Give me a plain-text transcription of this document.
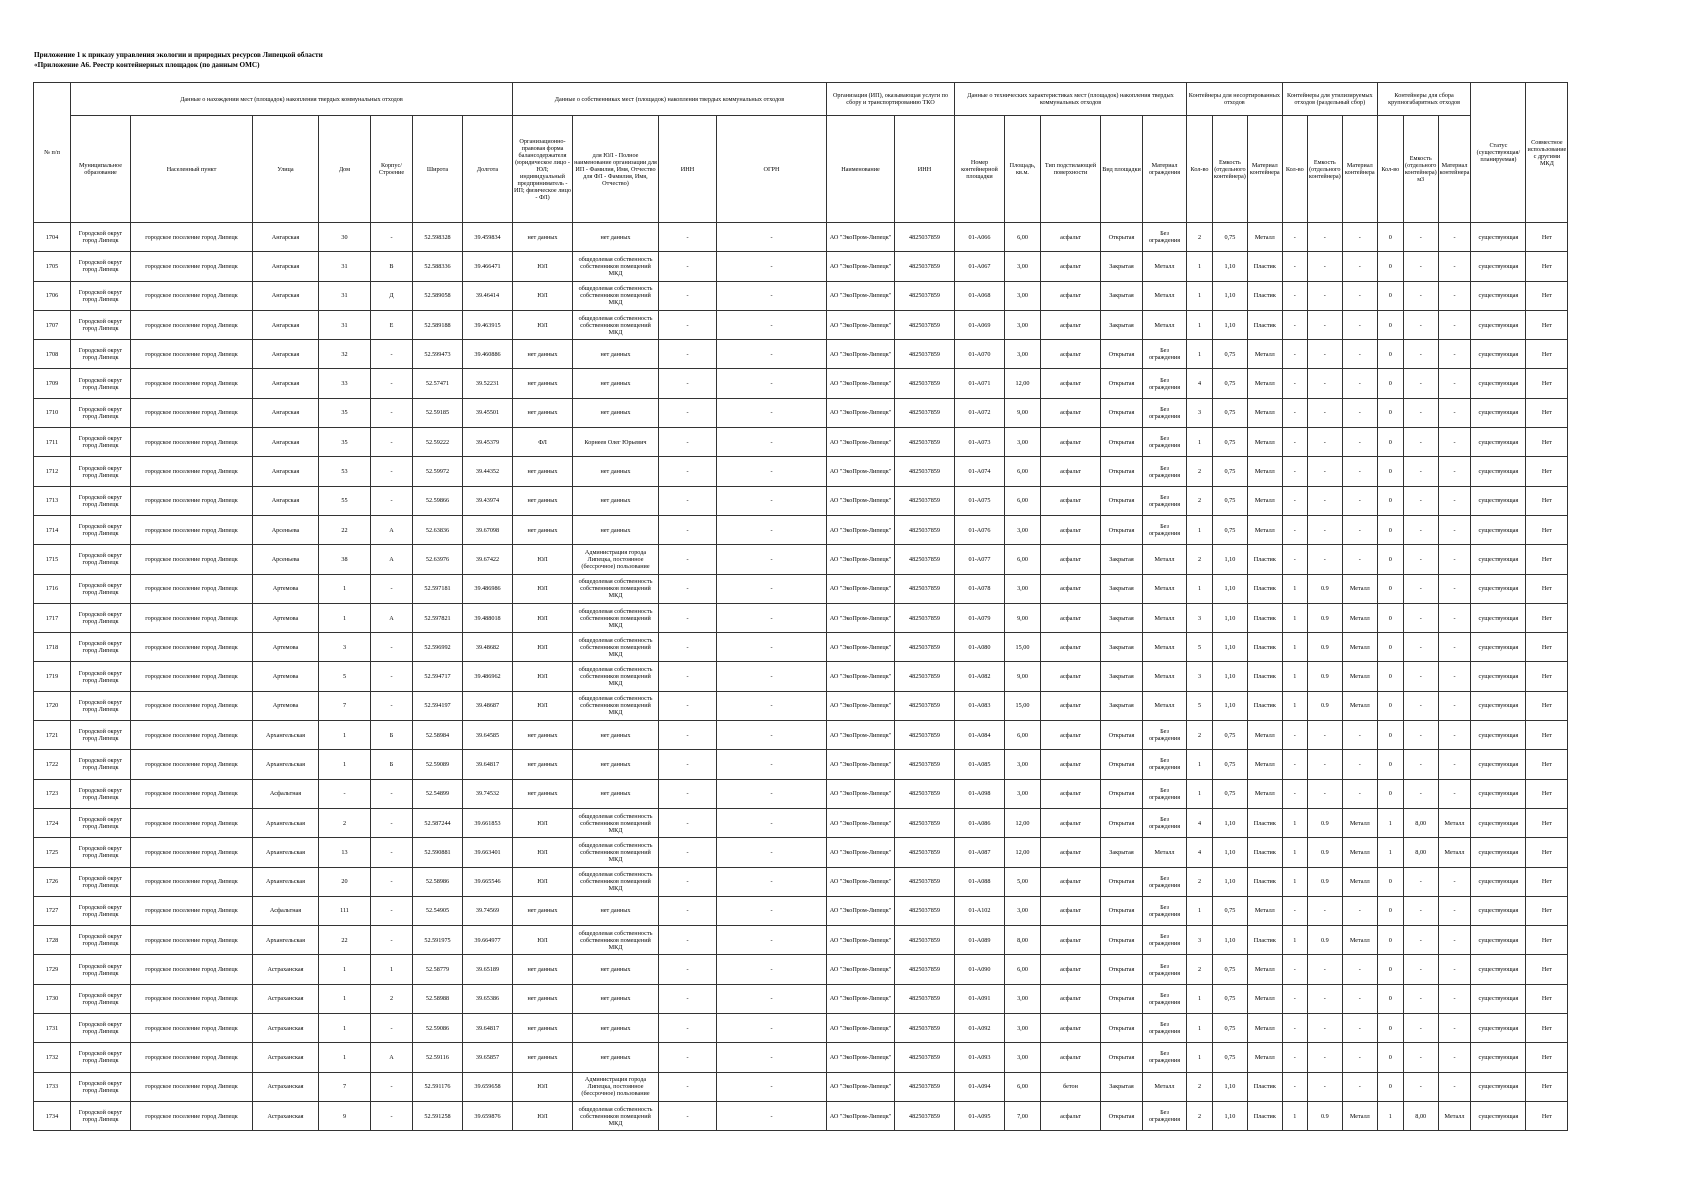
Приложение 1 к приказу управления экологии и природных ресурсов Липецкой области
«Приложение А6. Реестр контейнерных площадок (по данным ОМС)
№ п/п	Данные о нахождении мест (площадок) накопления твердых коммунальных отходов							Данные о собственниках мест (площадок) накопления твердых коммунальных отходов				Организация (ИП), оказывающая услуги по сбору и транспортированию ТКО		Данные о технических характеристиках мест (площадок) накопления твердых коммунальных отходов					Контейнеры для несортированных отходов			Контейнеры для утилизируемых отходов (раздельный сбор)			Контейнеры для сбора крупногабаритных отходов			Статус (существующая/планируемая)	Совместное использование с другими МКД
	Муниципальное образование	Населенный пункт	Улица	Дом	Корпус/Строение	Широта	Долгота	Организационно-правовая форма балансодержателя (юридическое лицо - ЮЛ; индивидуальный предприниматель - ИП; физическое лицо - ФЛ)	для ЮЛ - Полное наименование организации для ИП - Фамилия, Имя, Отчество для ФЛ - Фамилия, Имя, Отчество)	ИНН	ОГРН	Наименование	ИНН	Номер контейнерной площадки	Площадь, кв.м.	Тип подстилающей поверхности	Вид площадки	Материал ограждения	Кол-во	Емкость (отдельного контейнера)	Материал контейнера	Кол-во	Емкость (отдельного контейнера)	Материал контейнера	Кол-во	Емкость (отдельного контейнера) м3	Материал контейнера		

1704	Городской округ город Липецк	городское поселение город Липецк	Ангарская	30	-	52.598328	39.459834	нет данных	нет данных	-	-	АО "ЭкоПром-Липецк"	4825037859	01-А066	6,00	асфальт	Открытая	Без ограждения	2	0,75	Металл	-	-	-	0	-	-	существующая	Нет

1705	Городской округ город Липецк	городское поселение город Липецк	Ангарская	31	В	52.588336	39.466471	ЮЛ	общедолевая собственность собственников помещений МКД	-	-	АО "ЭкоПром-Липецк"	4825037859	01-А067	3,00	асфальт	Закрытая	Металл	1	1,10	Пластик	-	-	-	0	-	-	существующая	Нет

1706	Городской округ город Липецк	городское поселение город Липецк	Ангарская	31	Д	52.589058	39.46414	ЮЛ	общедолевая собственность собственников помещений МКД	-	-	АО "ЭкоПром-Липецк"	4825037859	01-А068	3,00	асфальт	Закрытая	Металл	1	1,10	Пластик	-	-	-	0	-	-	существующая	Нет

1707	Городской округ город Липецк	городское поселение город Липецк	Ангарская	31	Е	52.589188	39.463915	ЮЛ	общедолевая собственность собственников помещений МКД	-	-	АО "ЭкоПром-Липецк"	4825037859	01-А069	3,00	асфальт	Закрытая	Металл	1	1,10	Пластик	-	-	-	0	-	-	существующая	Нет

1708	Городской округ город Липецк	городское поселение город Липецк	Ангарская	32	-	52.599473	39.460886	нет данных	нет данных	-	-	АО "ЭкоПром-Липецк"	4825037859	01-А070	3,00	асфальт	Открытая	Без ограждения	1	0,75	Металл	-	-	-	0	-	-	существующая	Нет

1709	Городской округ город Липецк	городское поселение город Липецк	Ангарская	33	-	52.57471	39.52231	нет данных	нет данных	-	-	АО "ЭкоПром-Липецк"	4825037859	01-А071	12,00	асфальт	Открытая	Без ограждения	4	0,75	Металл	-	-	-	0	-	-	существующая	Нет

1710	Городской округ город Липецк	городское поселение город Липецк	Ангарская	35	-	52.59185	39.45501	нет данных	нет данных	-	-	АО "ЭкоПром-Липецк"	4825037859	01-А072	9,00	асфальт	Открытая	Без ограждения	3	0,75	Металл	-	-	-	0	-	-	существующая	Нет

1711	Городской округ город Липецк	городское поселение город Липецк	Ангарская	35	-	52.59222	39.45379	ФЛ	Корнеев Олег Юрьевич	-	-	АО "ЭкоПром-Липецк"	4825037859	01-А073	3,00	асфальт	Открытая	Без ограждения	1	0,75	Металл	-	-	-	0	-	-	существующая	Нет

1712	Городской округ город Липецк	городское поселение город Липецк	Ангарская	53	-	52.59972	39.44352	нет данных	нет данных	-	-	АО "ЭкоПром-Липецк"	4825037859	01-А074	6,00	асфальт	Открытая	Без ограждения	2	0,75	Металл	-	-	-	0	-	-	существующая	Нет

1713	Городской округ город Липецк	городское поселение город Липецк	Ангарская	55	-	52.59866	39.43974	нет данных	нет данных	-	-	АО "ЭкоПром-Липецк"	4825037859	01-А075	6,00	асфальт	Открытая	Без ограждения	2	0,75	Металл	-	-	-	0	-	-	существующая	Нет

1714	Городской округ город Липецк	городское поселение город Липецк	Арсеньева	22	А	52.63836	39.67098	нет данных	нет данных	-	-	АО "ЭкоПром-Липецк"	4825037859	01-А076	3,00	асфальт	Открытая	Без ограждения	1	0,75	Металл	-	-	-	0	-	-	существующая	Нет

1715	Городской округ город Липецк	городское поселение город Липецк	Арсеньева	38	А	52.63976	39.67422	ЮЛ	Администрация города Липецка, постоянное (бессрочное) пользование	-	-	АО "ЭкоПром-Липецк"	4825037859	01-А077	6,00	асфальт	Закрытая	Металл	2	1,10	Пластик	-	-	-	0	-	-	существующая	Нет

1716	Городской округ город Липецк	городское поселение город Липецк	Артемова	1	-	52.597181	39.486986	ЮЛ	общедолевая собственность собственников помещений МКД	-	-	АО "ЭкоПром-Липецк"	4825037859	01-А078	3,00	асфальт	Закрытая	Металл	1	1,10	Пластик	1	0.9	Металл	0	-	-	существующая	Нет

1717	Городской округ город Липецк	городское поселение город Липецк	Артемова	1	А	52.597821	39.488018	ЮЛ	общедолевая собственность собственников помещений МКД	-	-	АО "ЭкоПром-Липецк"	4825037859	01-А079	9,00	асфальт	Закрытая	Металл	3	1,10	Пластик	1	0.9	Металл	0	-	-	существующая	Нет

1718	Городской округ город Липецк	городское поселение город Липецк	Артемова	3	-	52.596992	39.48682	ЮЛ	общедолевая собственность собственников помещений МКД	-	-	АО "ЭкоПром-Липецк"	4825037859	01-А080	15,00	асфальт	Закрытая	Металл	5	1,10	Пластик	1	0.9	Металл	0	-	-	существующая	Нет

1719	Городской округ город Липецк	городское поселение город Липецк	Артемова	5	-	52.594717	39.486962	ЮЛ	общедолевая собственность собственников помещений МКД	-	-	АО "ЭкоПром-Липецк"	4825037859	01-А082	9,00	асфальт	Закрытая	Металл	3	1,10	Пластик	1	0.9	Металл	0	-	-	существующая	Нет

1720	Городской округ город Липецк	городское поселение город Липецк	Артемова	7	-	52.594197	39.48687	ЮЛ	общедолевая собственность собственников помещений МКД	-	-	АО "ЭкоПром-Липецк"	4825037859	01-А083	15,00	асфальт	Закрытая	Металл	5	1,10	Пластик	1	0.9	Металл	0	-	-	существующая	Нет

1721	Городской округ город Липецк	городское поселение город Липецк	Архангельская	1	Б	52.58984	39.64585	нет данных	нет данных	-	-	АО "ЭкоПром-Липецк"	4825037859	01-А084	6,00	асфальт	Открытая	Без ограждения	2	0,75	Металл	-	-	-	0	-	-	существующая	Нет

1722	Городской округ город Липецк	городское поселение город Липецк	Архангельская	1	Б	52.59089	39.64817	нет данных	нет данных	-	-	АО "ЭкоПром-Липецк"	4825037859	01-А085	3,00	асфальт	Открытая	Без ограждения	1	0,75	Металл	-	-	-	0	-	-	существующая	Нет

1723	Городской округ город Липецк	городское поселение город Липецк	Асфальтная	-	-	52.54899	39.74532	нет данных	нет данных	-	-	АО "ЭкоПром-Липецк"	4825037859	01-А098	3,00	асфальт	Открытая	Без ограждения	1	0,75	Металл	-	-	-	0	-	-	существующая	Нет

1724	Городской округ город Липецк	городское поселение город Липецк	Архангельская	2	-	52.587244	39.661853	ЮЛ	общедолевая собственность собственников помещений МКД	-	-	АО "ЭкоПром-Липецк"	4825037859	01-А086	12,00	асфальт	Открытая	Без ограждения	4	1,10	Пластик	1	0.9	Металл	1	8,00	Металл	существующая	Нет

1725	Городской округ город Липецк	городское поселение город Липецк	Архангельская	13	-	52.590881	39.663401	ЮЛ	общедолевая собственность собственников помещений МКД	-	-	АО "ЭкоПром-Липецк"	4825037859	01-А087	12,00	асфальт	Закрытая	Металл	4	1,10	Пластик	1	0.9	Металл	1	8,00	Металл	существующая	Нет

1726	Городской округ город Липецк	городское поселение город Липецк	Архангельская	20	-	52.58986	39.665546	ЮЛ	общедолевая собственность собственников помещений МКД	-	-	АО "ЭкоПром-Липецк"	4825037859	01-А088	5,00	асфальт	Открытая	Без ограждения	2	1,10	Пластик	1	0.9	Металл	0	-	-	существующая	Нет

1727	Городской округ город Липецк	городское поселение город Липецк	Асфальтная	111	-	52.54905	39.74569	нет данных	нет данных	-	-	АО "ЭкоПром-Липецк"	4825037859	01-А102	3,00	асфальт	Открытая	Без ограждения	1	0,75	Металл	-	-	-	0	-	-	существующая	Нет

1728	Городской округ город Липецк	городское поселение город Липецк	Архангельская	22	-	52.591975	39.664977	ЮЛ	общедолевая собственность собственников помещений МКД	-	-	АО "ЭкоПром-Липецк"	4825037859	01-А089	8,00	асфальт	Открытая	Без ограждения	3	1,10	Пластик	1	0.9	Металл	0	-	-	существующая	Нет

1729	Городской округ город Липецк	городское поселение город Липецк	Астраханская	1	1	52.58779	39.65189	нет данных	нет данных	-	-	АО "ЭкоПром-Липецк"	4825037859	01-А090	6,00	асфальт	Открытая	Без ограждения	2	0,75	Металл	-	-	-	0	-	-	существующая	Нет

1730	Городской округ город Липецк	городское поселение город Липецк	Астраханская	1	2	52.58988	39.65386	нет данных	нет данных	-	-	АО "ЭкоПром-Липецк"	4825037859	01-А091	3,00	асфальт	Открытая	Без ограждения	1	0,75	Металл	-	-	-	0	-	-	существующая	Нет

1731	Городской округ город Липецк	городское поселение город Липецк	Астраханская	1	-	52.59086	39.64817	нет данных	нет данных	-	-	АО "ЭкоПром-Липецк"	4825037859	01-А092	3,00	асфальт	Открытая	Без ограждения	1	0,75	Металл	-	-	-	0	-	-	существующая	Нет

1732	Городской округ город Липецк	городское поселение город Липецк	Астраханская	1	А	52.59116	39.65857	нет данных	нет данных	-	-	АО "ЭкоПром-Липецк"	4825037859	01-А093	3,00	асфальт	Открытая	Без ограждения	1	0,75	Металл	-	-	-	0	-	-	существующая	Нет

1733	Городской округ город Липецк	городское поселение город Липецк	Астраханская	7	-	52.591176	39.659658	ЮЛ	Администрация города Липецка, постоянное (бессрочное) пользование	-	-	АО "ЭкоПром-Липецк"	4825037859	01-А094	6,00	бетон	Закрытая	Металл	2	1,10	Пластик	-	-	-	0	-	-	существующая	Нет

1734	Городской округ город Липецк	городское поселение город Липецк	Астраханская	9	-	52.591258	39.659876	ЮЛ	общедолевая собственность собственников помещений МКД	-	-	АО "ЭкоПром-Липецк"	4825037859	01-А095	7,00	асфальт	Открытая	Без ограждения	2	1,10	Пластик	1	0.9	Металл	1	8,00	Металл	существующая	Нет
